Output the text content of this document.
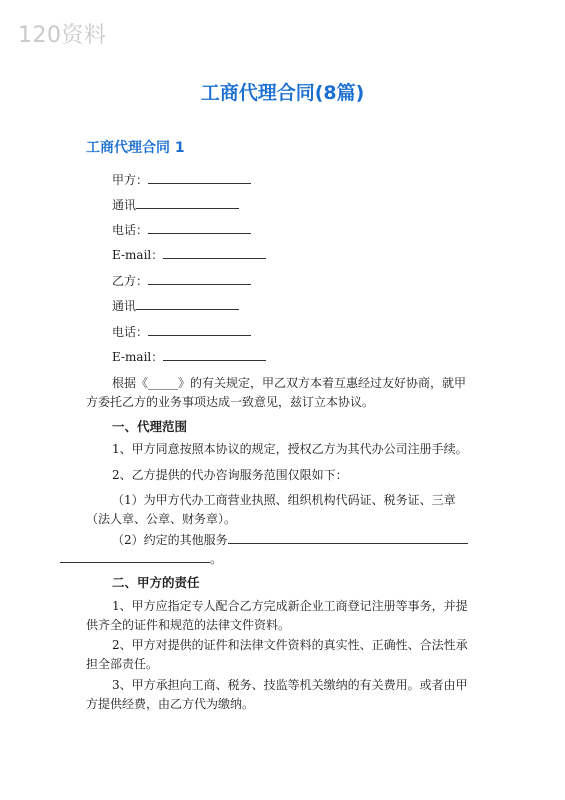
120资料
工商代理合同(8篇)
工商代理合同 1
甲方：
通讯
电话：
E-mail：
乙方：
通讯
电话：
E-mail：
根据《_____》的有关规定，甲乙双方本着互惠经过友好协商，就甲方委托乙方的业务事项达成一致意见，兹订立本协议。
一、代理范围
1、甲方同意按照本协议的规定，授权乙方为其代办公司注册手续。
2、乙方提供的代办咨询服务范围仅限如下：
（1）为甲方代办工商营业执照、组织机构代码证、税务证、三章（法人章、公章、财务章）。
（2）约定的其他服务
。
二、甲方的责任
1、甲方应指定专人配合乙方完成新企业工商登记注册等事务，并提供齐全的证件和规范的法律文件资料。
2、甲方对提供的证件和法律文件资料的真实性、正确性、合法性承担全部责任。
3、甲方承担向工商、税务、技监等机关缴纳的有关费用。或者由甲方提供经费，由乙方代为缴纳。
